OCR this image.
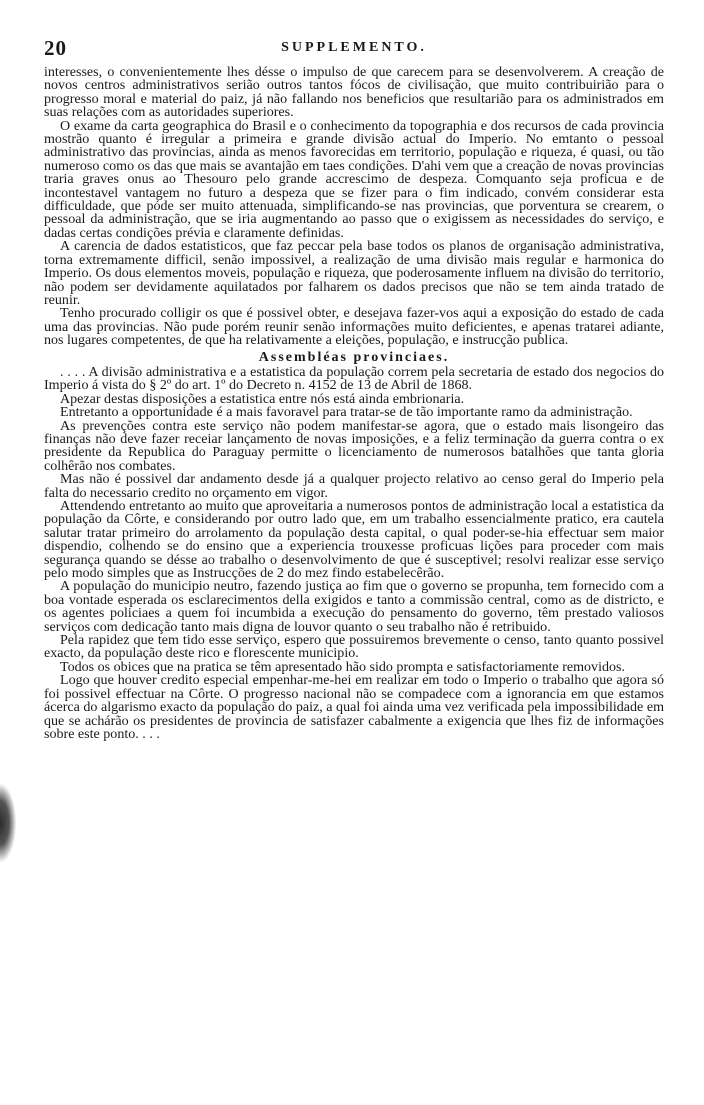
20	SUPPLEMENTO.

interesses, o convenientemente lhes désse o impulso de que carecem para se desenvolverem. A creação de novos centros administrativos serião outros tantos fócos de civilisação, que muito contribuirião para o progresso moral e material do paiz, já não fallando nos beneficios que resultarião para os administrados em suas relações com as autoridades superiores.

O exame da carta geographica do Brasil e o conhecimento da topographia e dos recursos de cada provincia mostrão quanto é irregular a primeira e grande divisão actual do Imperio. No emtanto o pessoal administrativo das provincias, ainda as menos favorecidas em territorio, população e riqueza, é quasi, ou tão numeroso como os das que mais se avantajão em taes condições. D'ahi vem que a creação de novas provincias traria graves onus ao Thesouro pelo grande accrescimo de despeza. Comquanto seja proficua e de incontestavel vantagem no futuro a despeza que se fizer para o fim indicado, convém considerar esta difficuldade, que póde ser muito attenuada, simplificando-se nas provincias, que porventura se crearem, o pessoal da administração, que se iria augmentando ao passo que o exigissem as necessidades do serviço, e dadas certas condições prévia e claramente definidas.

A carencia de dados estatisticos, que faz peccar pela base todos os planos de organisação administrativa, torna extremamente difficil, senão impossivel, a realização de uma divisão mais regular e harmonica do Imperio. Os dous elementos moveis, população e riqueza, que poderosamente influem na divisão do territorio, não podem ser devidamente aquilatados por falharem os dados precisos que não se tem ainda tratado de reunir.

Tenho procurado colligir os que é possivel obter, e desejava fazer-vos aqui a exposição do estado de cada uma das provincias. Não pude porém reunir senão informações muito deficientes, e apenas tratarei adiante, nos lugares competentes, de que ha relativamente a eleições, população, e instrucção publica.

Assembléas provinciaes.

. . . . A divisão administrativa e a estatistica da população correm pela secretaria de estado dos negocios do Imperio á vista do § 2º do art. 1º do Decreto n. 4152 de 13 de Abril de 1868.

Apezar destas disposições a estatistica entre nós está ainda embrionaria.

Entretanto a opportunidade é a mais favoravel para tratar-se de tão importante ramo da administração.

As prevenções contra este serviço não podem manifestar-se agora, que o estado mais lisongeiro das finanças não deve fazer receiar lançamento de novas imposições, e a feliz terminação da guerra contra o ex presidente da Republica do Paraguay permitte o licenciamento de numerosos batalhões que tanta gloria colhêrão nos combates.

Mas não é possivel dar andamento desde já a qualquer projecto relativo ao censo geral do Imperio pela falta do necessario credito no orçamento em vigor.

Attendendo entretanto ao muito que aproveitaria a numerosos pontos de administração local a estatistica da população da Côrte, e considerando por outro lado que, em um trabalho essencialmente pratico, era cautela salutar tratar primeiro do arrolamento da população desta capital, o qual poder-se-hia effectuar sem maior dispendio, colhendo se do ensino que a experiencia trouxesse proficuas lições para proceder com mais segurança quando se désse ao trabalho o desenvolvimento de que é susceptivel; resolvi realizar esse serviço pelo modo simples que as Instrucções de 2 do mez findo estabelecêrão.

A população do municipio neutro, fazendo justiça ao fim que o governo se propunha, tem fornecido com a boa vontade esperada os esclarecimentos della exigidos e tanto a commissão central, como as de districto, e os agentes policiaes a quem foi incumbida a execução do pensamento do governo, têm prestado valiosos serviços com dedicação tanto mais digna de louvor quanto o seu trabalho não é retribuido.

Pela rapidez que tem tido esse serviço, espero que possuiremos brevemente o censo, tanto quanto possivel exacto, da população deste rico e florescente municipio.

Todos os obices que na pratica se têm apresentado hão sido prompta e satisfactoriamente removidos.

Logo que houver credito especial empenhar-me-hei em realizar em todo o Imperio o trabalho que agora só foi possivel effectuar na Côrte. O progresso nacional não se compadece com a ignorancia em que estamos ácerca do algarismo exacto da população do paiz, a qual foi ainda uma vez verificada pela impossibilidade em que se achárão os presidentes de provincia de satisfazer cabalmente a exigencia que lhes fiz de informações sobre este ponto. . . .
